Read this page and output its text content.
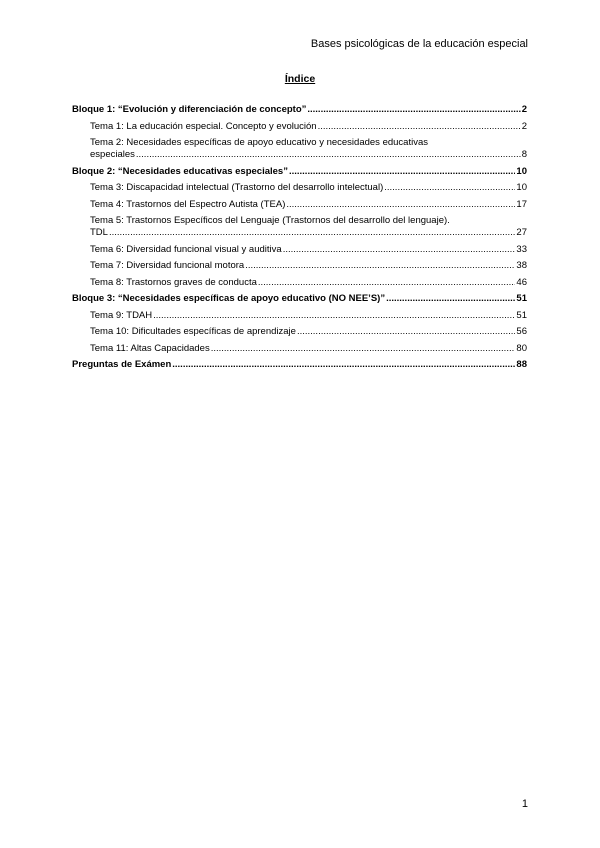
Bases psicológicas de la educación especial
Índice
Bloque 1: “Evolución y diferenciación de concepto” .....	2
Tema 1: La educación especial. Concepto y evolución .....	2
Tema 2: Necesidades específicas de apoyo educativo y necesidades educativas
especiales .....	8
Bloque 2: “Necesidades educativas especiales” .....	10
Tema 3: Discapacidad intelectual (Trastorno del desarrollo intelectual) .....	10
Tema 4: Trastornos del Espectro Autista (TEA) .....	17
Tema 5: Trastornos Específicos del Lenguaje (Trastornos del desarrollo del lenguaje).
TDL .....	27
Tema 6: Diversidad funcional visual y auditiva .....	33
Tema 7: Diversidad funcional motora .....	38
Tema 8: Trastornos graves de conducta .....	46
Bloque 3: “Necesidades específicas de apoyo educativo (NO NEE’S)” .....	51
Tema 9: TDAH .....	51
Tema 10: Dificultades específicas de aprendizaje .....	56
Tema 11: Altas Capacidades .....	80
Preguntas de Exámen .....	88
1
